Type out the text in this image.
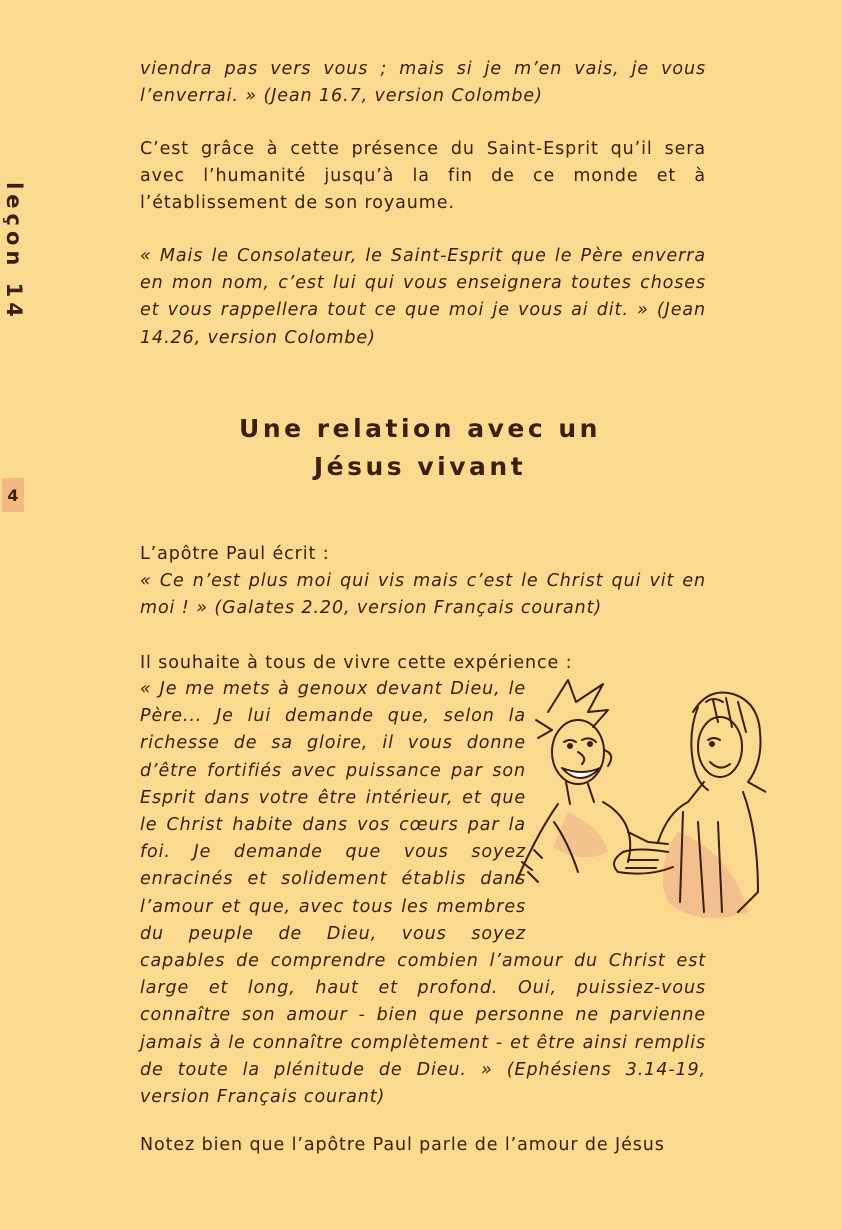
leçon 14
4

viendra pas vers vous ; mais si je m’en vais, je vous l’enverrai. » (Jean 16.7, version Colombe)

C’est grâce à cette présence du Saint-Esprit qu’il sera avec l’humanité jusqu’à la fin de ce monde et à l’établissement de son royaume.

« Mais le Consolateur, le Saint-Esprit que le Père enverra en mon nom, c’est lui qui vous enseignera toutes choses et vous rappellera tout ce que moi je vous ai dit. » (Jean 14.26, version Colombe)

Une relation avec un
Jésus vivant

L’apôtre Paul écrit :

« Ce n’est plus moi qui vis mais c’est le Christ qui vit en moi ! » (Galates 2.20, version Français courant)

Il souhaite à tous de vivre cette expérience :

« Je me mets à genoux devant Dieu, le Père... Je lui demande que, selon la richesse de sa gloire, il vous donne d’être fortifiés avec puissance par son Esprit dans votre être intérieur, et que le Christ habite dans vos cœurs par la foi. Je demande que vous soyez enracinés et solidement établis dans l’amour et que, avec tous les membres du peuple de Dieu, vous soyez capables de comprendre combien l’amour du Christ est large et long, haut et profond. Oui, puissiez-vous connaître son amour - bien que personne ne parvienne jamais à le connaître complètement - et être ainsi remplis de toute la plénitude de Dieu. » (Ephésiens 3.14-19, version Français courant)

Notez bien que l’apôtre Paul parle de l’amour de Jésus
